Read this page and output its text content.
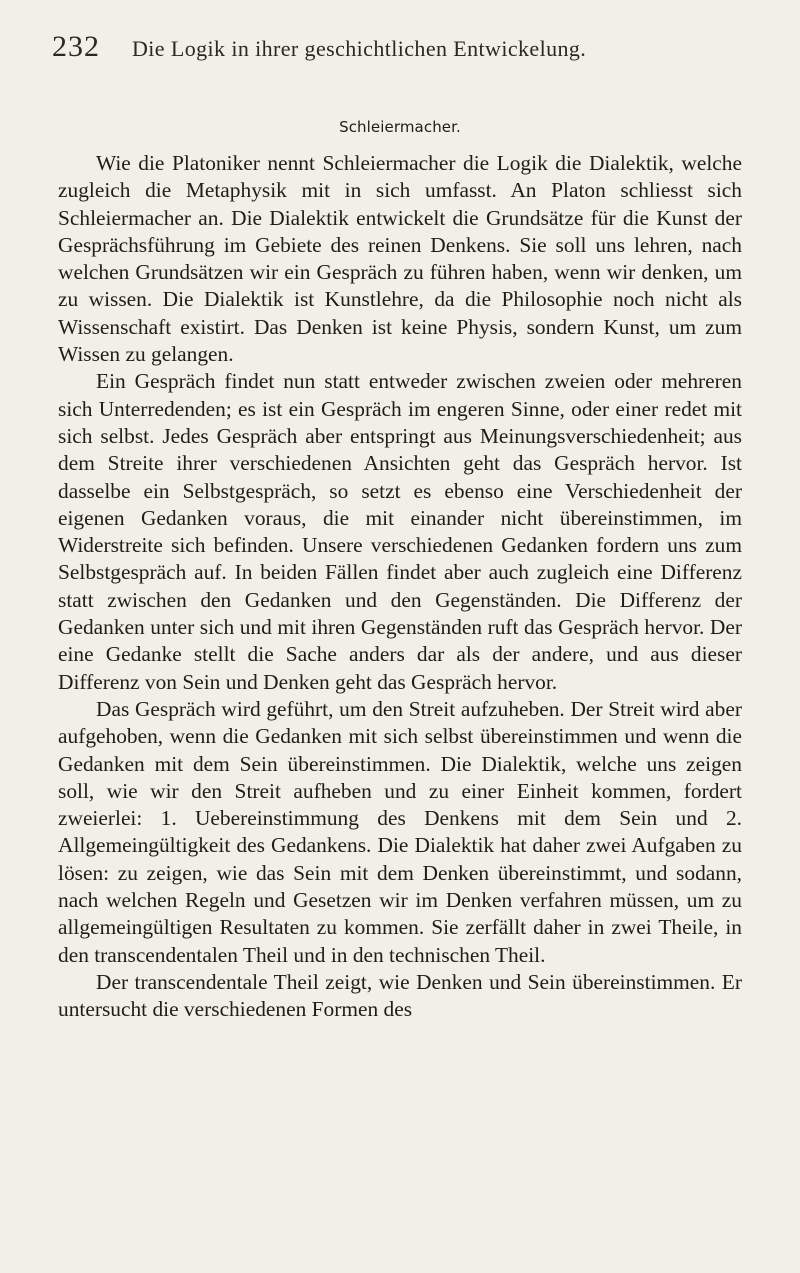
232	Die Logik in ihrer geschichtlichen Entwickelung.
Schleiermacher.

Wie die Platoniker nennt Schleiermacher die Logik die Dialektik, welche zugleich die Metaphysik mit in sich umfasst. An Platon schliesst sich Schleiermacher an. Die Dialektik entwickelt die Grundsätze für die Kunst der Gesprächsführung im Gebiete des reinen Denkens. Sie soll uns lehren, nach welchen Grundsätzen wir ein Gespräch zu führen haben, wenn wir denken, um zu wissen. Die Dialektik ist Kunstlehre, da die Philosophie noch nicht als Wissenschaft existirt. Das Denken ist keine Physis, sondern Kunst, um zum Wissen zu gelangen.

Ein Gespräch findet nun statt entweder zwischen zweien oder mehreren sich Unterredenden; es ist ein Gespräch im engeren Sinne, oder einer redet mit sich selbst. Jedes Gespräch aber entspringt aus Meinungsverschiedenheit; aus dem Streite ihrer verschiedenen Ansichten geht das Gespräch hervor. Ist dasselbe ein Selbstgespräch, so setzt es ebenso eine Verschiedenheit der eigenen Gedanken voraus, die mit einander nicht übereinstimmen, im Widerstreite sich befinden. Unsere verschiedenen Gedanken fordern uns zum Selbstgespräch auf. In beiden Fällen findet aber auch zugleich eine Differenz statt zwischen den Gedanken und den Gegenständen. Die Differenz der Gedanken unter sich und mit ihren Gegenständen ruft das Gespräch hervor. Der eine Gedanke stellt die Sache anders dar als der andere, und aus dieser Differenz von Sein und Denken geht das Gespräch hervor.

Das Gespräch wird geführt, um den Streit aufzuheben. Der Streit wird aber aufgehoben, wenn die Gedanken mit sich selbst übereinstimmen und wenn die Gedanken mit dem Sein übereinstimmen. Die Dialektik, welche uns zeigen soll, wie wir den Streit aufheben und zu einer Einheit kommen, fordert zweierlei: 1. Uebereinstimmung des Denkens mit dem Sein und 2. Allgemeingültigkeit des Gedankens. Die Dialektik hat daher zwei Aufgaben zu lösen: zu zeigen, wie das Sein mit dem Denken übereinstimmt, und sodann, nach welchen Regeln und Gesetzen wir im Denken verfahren müssen, um zu allgemeingültigen Resultaten zu kommen. Sie zerfällt daher in zwei Theile, in den transcendentalen Theil und in den technischen Theil.

Der transcendentale Theil zeigt, wie Denken und Sein übereinstimmen. Er untersucht die verschiedenen Formen des
